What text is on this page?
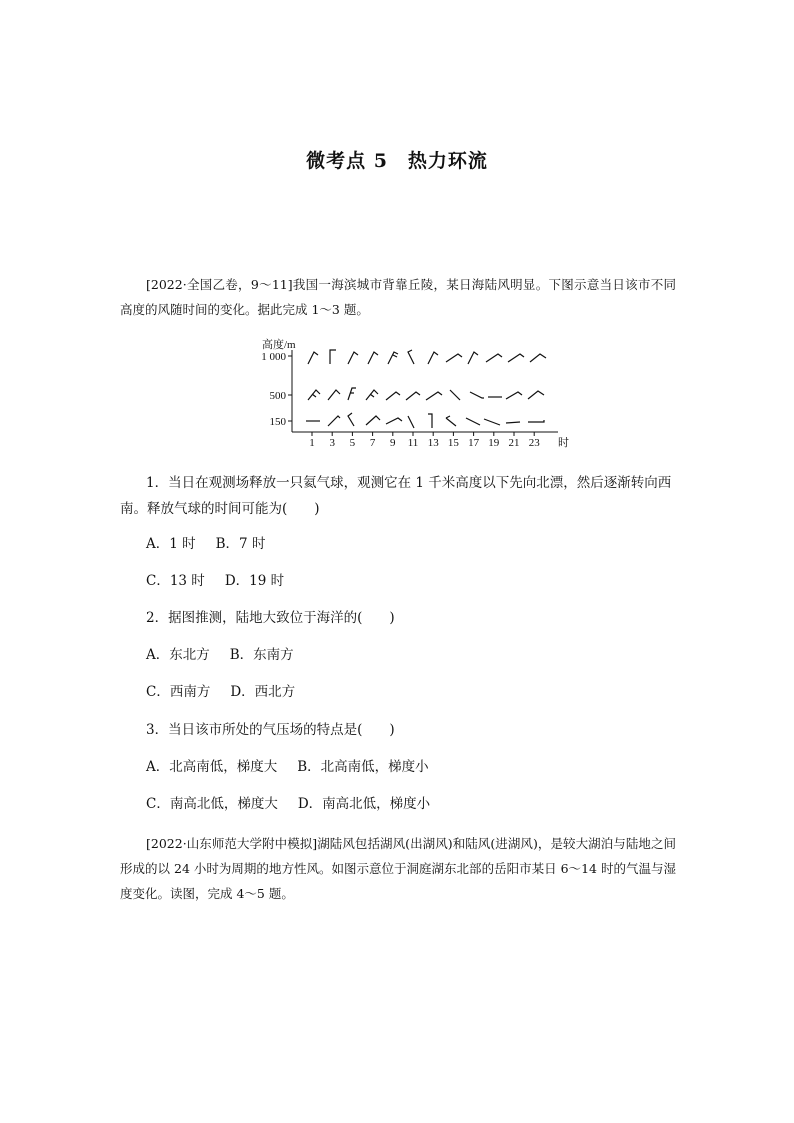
微考点 5　热力环流
[2022·全国乙卷，9～11]我国一海滨城市背靠丘陵，某日海陆风明显。下图示意当日该市不同高度的风随时间的变化。据此完成 1～3 题。
高度/m
1 000
500
150
1 3 5 7 9 11 13 15 17 19 21 23 时
1．当日在观测场释放一只氦气球，观测它在 1 千米高度以下先向北漂，然后逐渐转向西南。释放气球的时间可能为(　　)
A．1 时 B．7 时
C．13 时 D．19 时
2．据图推测，陆地大致位于海洋的(　　)
A．东北方 B．东南方
C．西南方 D．西北方
3．当日该市所处的气压场的特点是(　　)
A．北高南低，梯度大 B．北高南低，梯度小
C．南高北低，梯度大 D．南高北低，梯度小
[2022·山东师范大学附中模拟]湖陆风包括湖风(出湖风)和陆风(进湖风)，是较大湖泊与陆地之间形成的以 24 小时为周期的地方性风。如图示意位于洞庭湖东北部的岳阳市某日 6～14 时的气温与湿度变化。读图，完成 4～5 题。
